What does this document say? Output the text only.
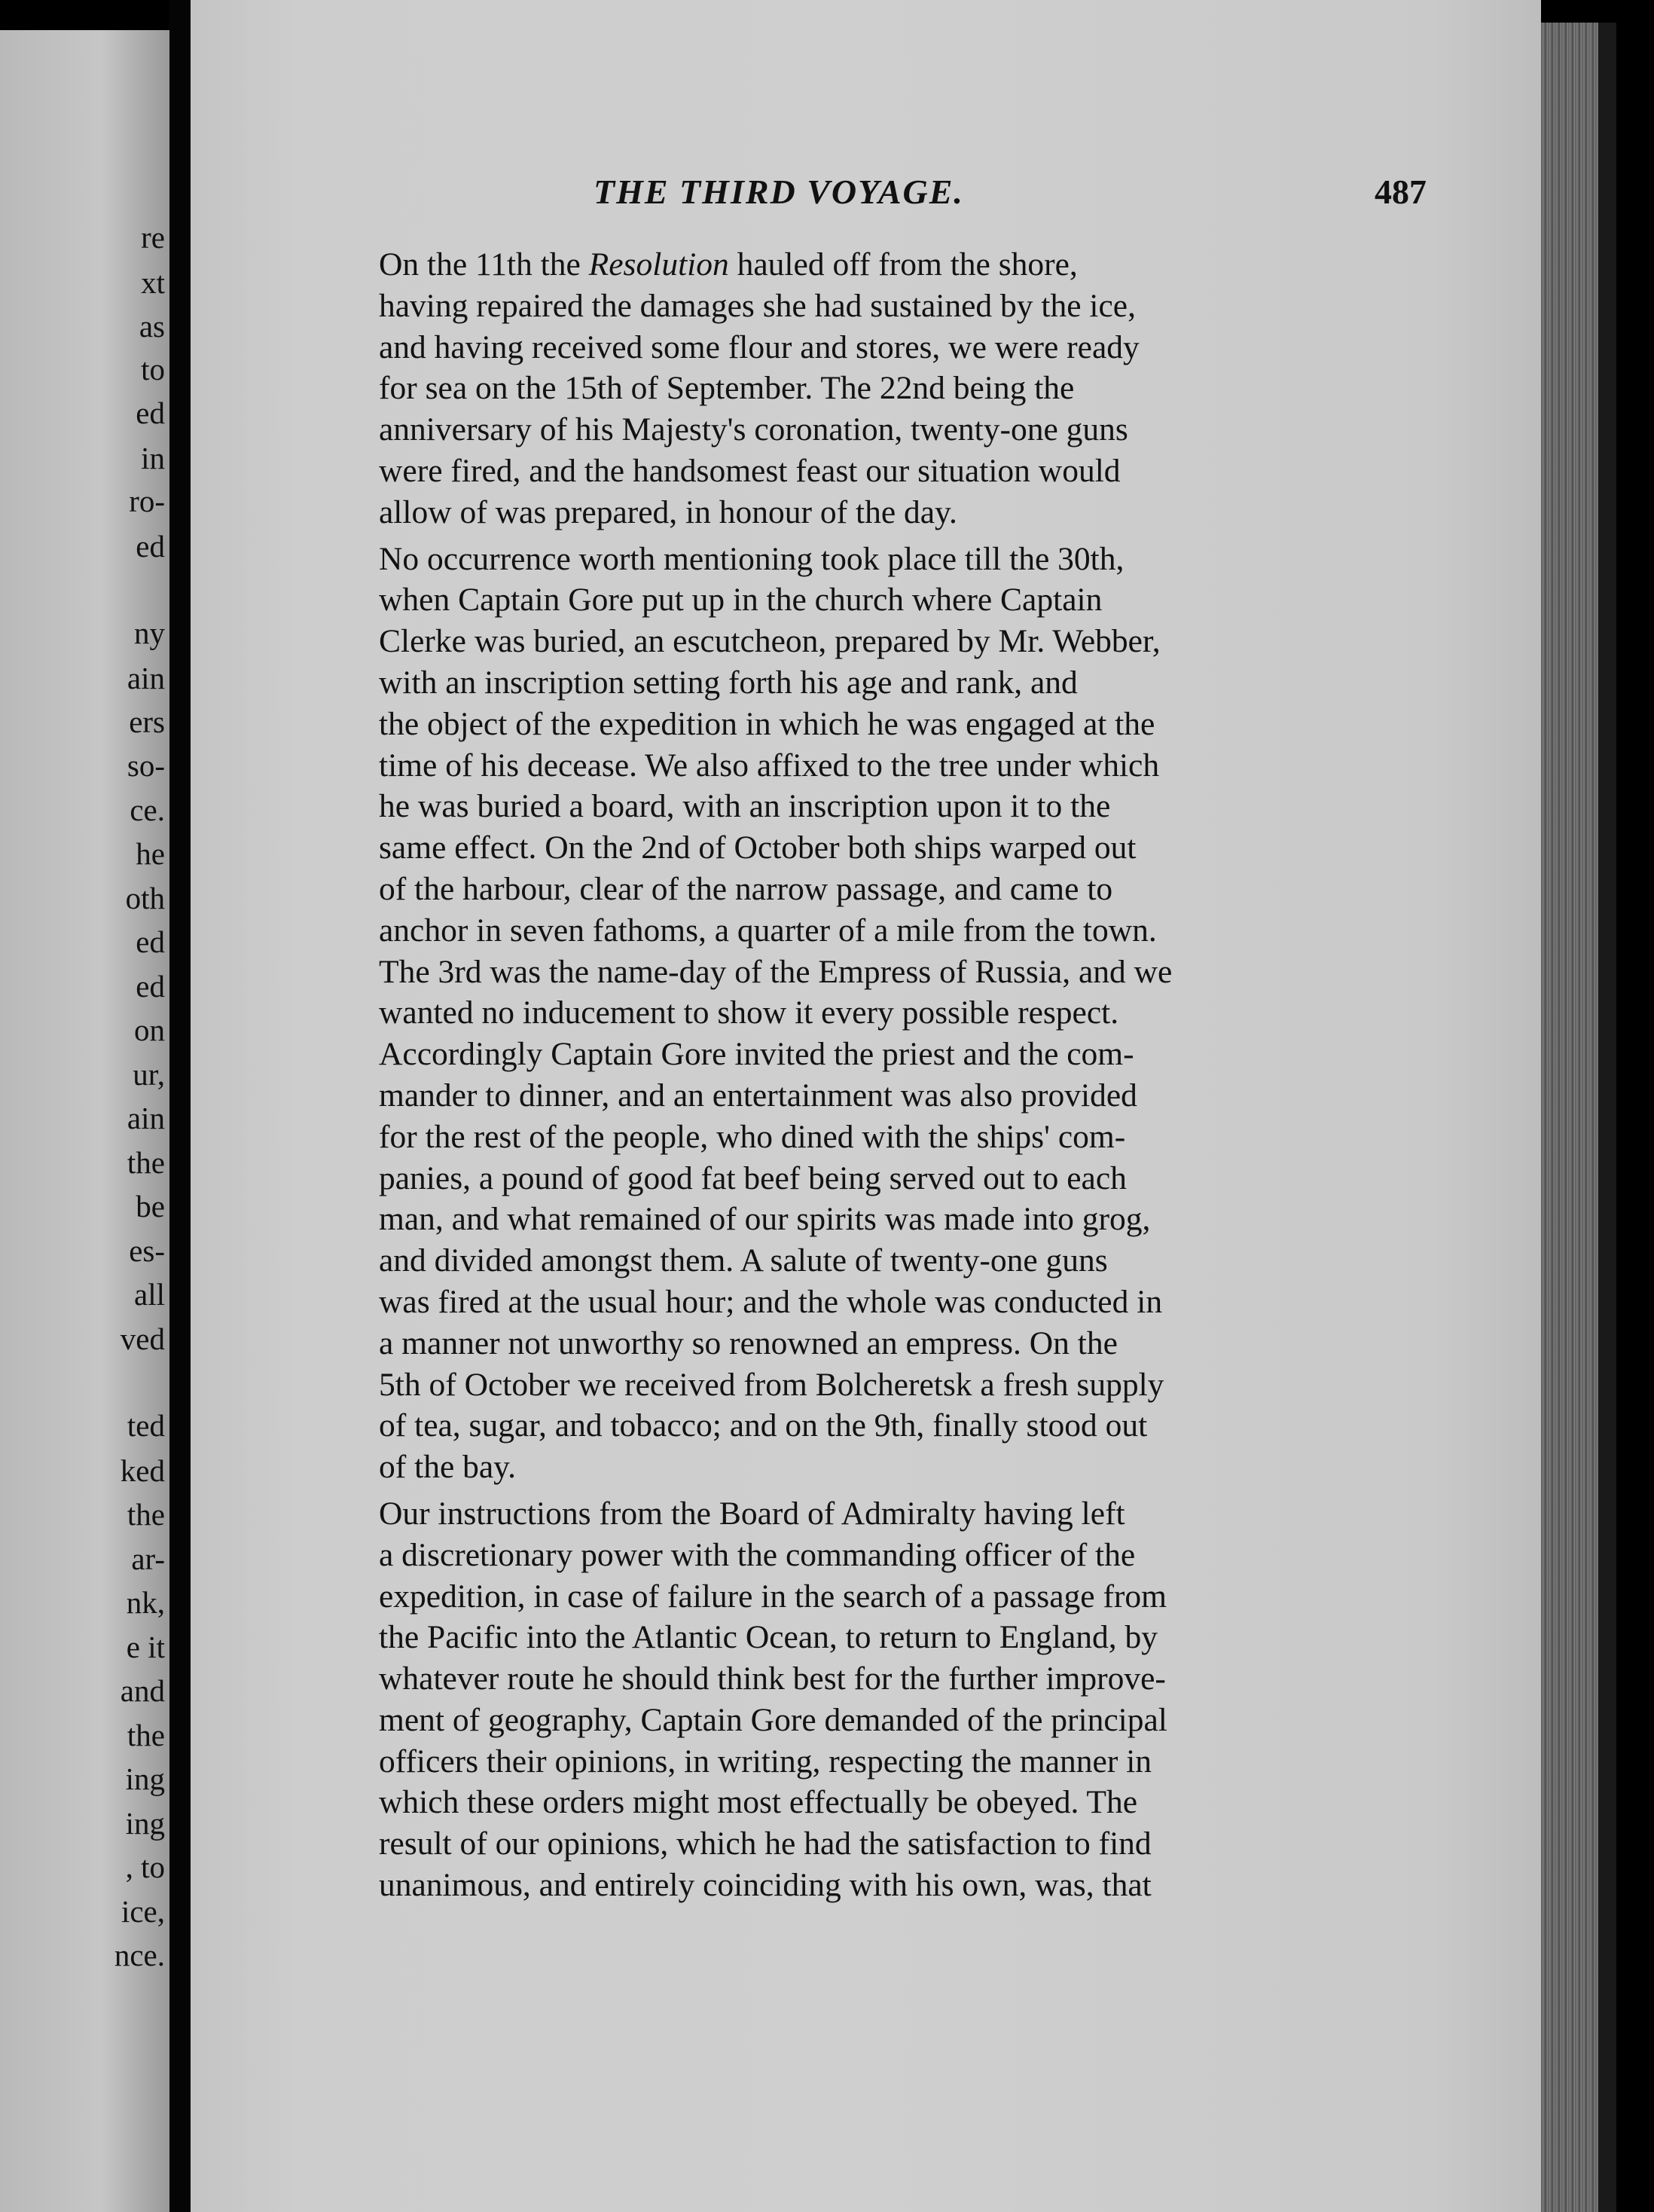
re

xt

as

to

ed

in

ro-

ed

ny

ain

ers

so-

ce.

he

oth

ed

ed

on

ur,

ain

the

be

es-

all

ved

ted

ked

the

ar-

nk,

e it

and

the

ing

ing

, to

ice,

nce.

THE THIRD VOYAGE.	487

On the 11th the Resolution hauled off from the shore,
having repaired the damages she had sustained by the ice,
and having received some flour and stores, we were ready
for sea on the 15th of September. The 22nd being the
anniversary of his Majesty's coronation, twenty-one guns
were fired, and the handsomest feast our situation would
allow of was prepared, in honour of the day.

No occurrence worth mentioning took place till the 30th,
when Captain Gore put up in the church where Captain
Clerke was buried, an escutcheon, prepared by Mr. Webber,
with an inscription setting forth his age and rank, and
the object of the expedition in which he was engaged at the
time of his decease. We also affixed to the tree under which
he was buried a board, with an inscription upon it to the
same effect. On the 2nd of October both ships warped out
of the harbour, clear of the narrow passage, and came to
anchor in seven fathoms, a quarter of a mile from the town.
The 3rd was the name-day of the Empress of Russia, and we
wanted no inducement to show it every possible respect.
Accordingly Captain Gore invited the priest and the com-
mander to dinner, and an entertainment was also provided
for the rest of the people, who dined with the ships' com-
panies, a pound of good fat beef being served out to each
man, and what remained of our spirits was made into grog,
and divided amongst them. A salute of twenty-one guns
was fired at the usual hour; and the whole was conducted in
a manner not unworthy so renowned an empress. On the
5th of October we received from Bolcheretsk a fresh supply
of tea, sugar, and tobacco; and on the 9th, finally stood out
of the bay.

Our instructions from the Board of Admiralty having left
a discretionary power with the commanding officer of the
expedition, in case of failure in the search of a passage from
the Pacific into the Atlantic Ocean, to return to England, by
whatever route he should think best for the further improve-
ment of geography, Captain Gore demanded of the principal
officers their opinions, in writing, respecting the manner in
which these orders might most effectually be obeyed. The
result of our opinions, which he had the satisfaction to find
unanimous, and entirely coinciding with his own, was, that
